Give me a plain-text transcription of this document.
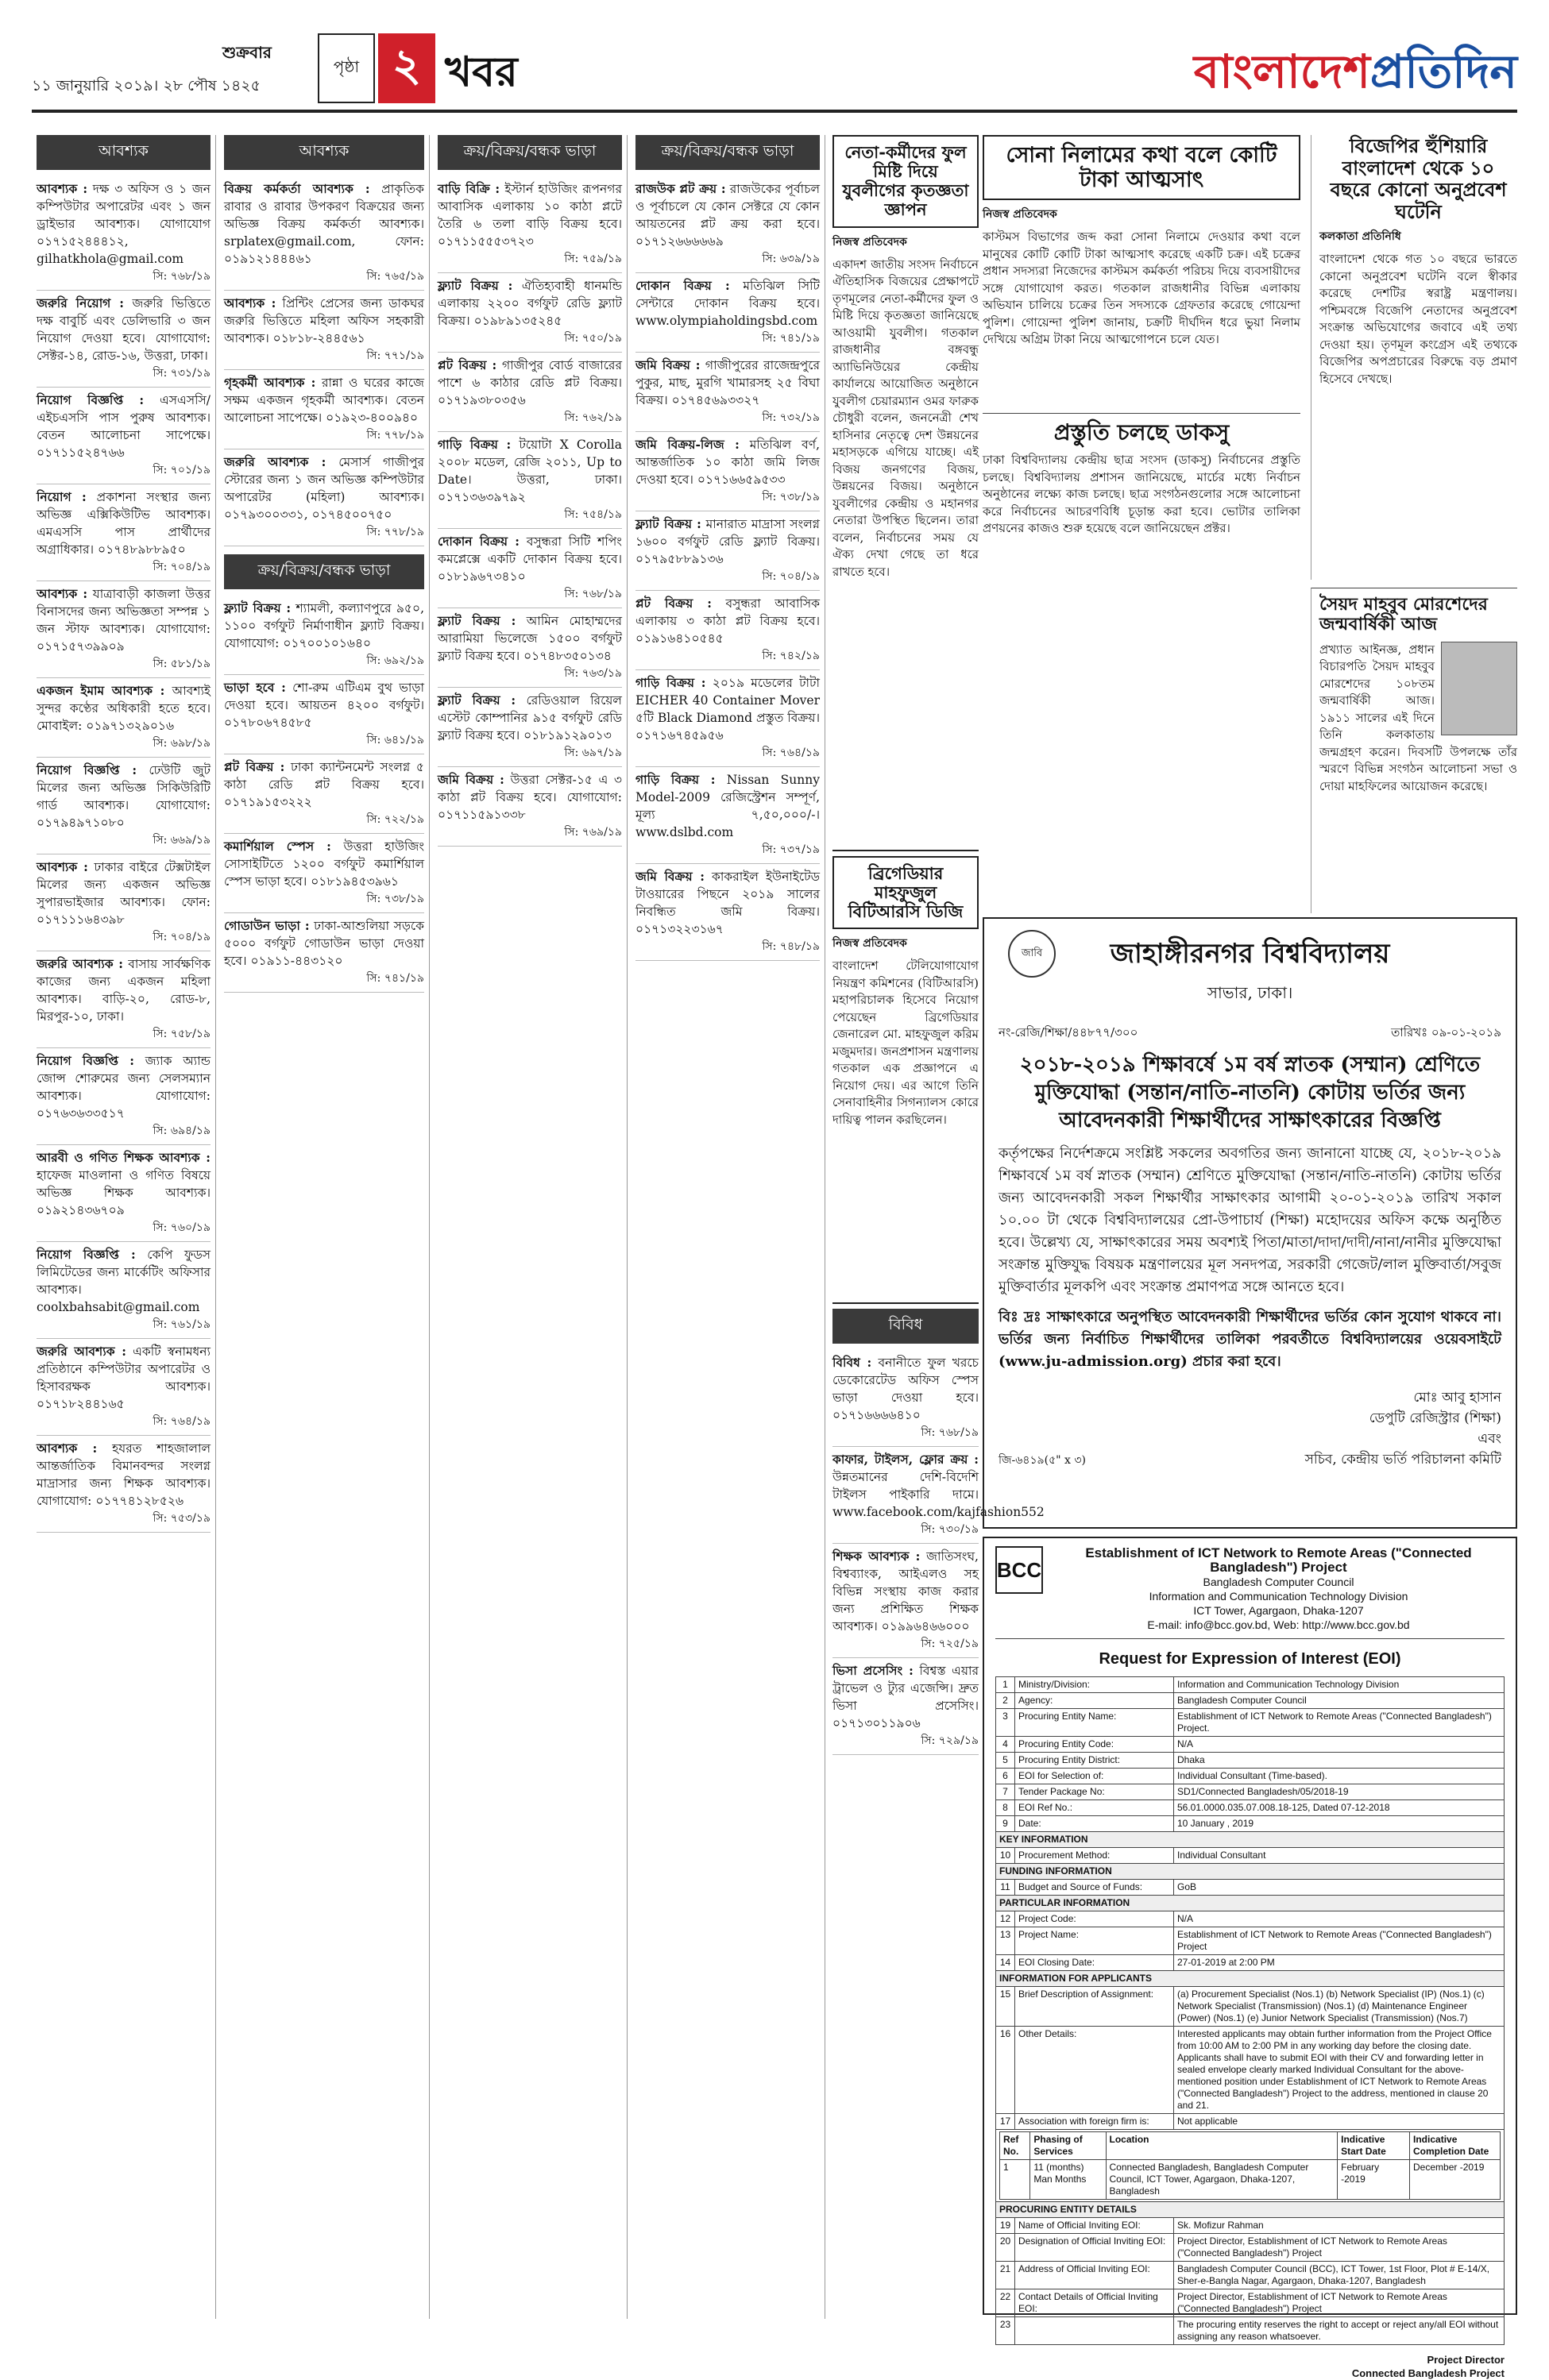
শুক্রবার
১১ জানুয়ারি ২০১৯। ২৮ পৌষ ১৪২৫
পৃষ্ঠা ২ খবর	বাংলাদেশপ্রতিদিন
আবশ্যক
আবশ্যক : দক্ষ ৩ অফিস ও ১ জন কম্পিউটার অপারেটর এবং ১ জন ড্রাইভার আবশ্যক। যোগাযোগ ০১৭১৫২৪৪৪১২, gilhatkhola@gmail.com
সি: ৭৬৮/১৯
জরুরি নিয়োগ : জরুরি ভিত্তিতে দক্ষ বাবুর্চি এবং ডেলিভারি ৩ জন নিয়োগ দেওয়া হবে। যোগাযোগ: সেক্টর-১৪, রোড-১৬, উত্তরা, ঢাকা।
সি: ৭৩১/১৯
নিয়োগ বিজ্ঞপ্তি : এসএসসি/এইচএসসি পাস পুরুষ আবশ্যক। বেতন আলোচনা সাপেক্ষে। ০১৭১১৫২৪৭৬৬
সি: ৭০১/১৯
নিয়োগ : প্রকাশনা সংস্থার জন্য অভিজ্ঞ এক্সিকিউটিভ আবশ্যক। এমএসসি পাস প্রার্থীদের অগ্রাধিকার। ০১৭৪৮৯৮৮৯৫০
সি: ৭০৪/১৯
আবশ্যক : যাত্রাবাড়ী কাজলা উত্তর বিনাসদের জন্য অভিজ্ঞতা সম্পন্ন ১ জন স্টাফ আবশ্যক। যোগাযোগ: ০১৭১৫৭৩৯৯০৯
সি: ৫৮১/১৯
একজন ইমাম আবশ্যক : আবশ্যই সুন্দর কণ্ঠের অধিকারী হতে হবে। মোবাইল: ০১৯৭১৩২৯০১৬
সি: ৬৯৮/১৯
নিয়োগ বিজ্ঞপ্তি : ঢেউটি জুট মিলের জন্য অভিজ্ঞ সিকিউরিটি গার্ড আবশ্যক। যোগাযোগ: ০১৭৯৪৯৭১০৮০
সি: ৬৬৯/১৯
আবশ্যক : ঢাকার বাইরে টেক্সটাইল মিলের জন্য একজন অভিজ্ঞ সুপারভাইজার আবশ্যক। ফোন: ০১৭১১১৬৪৩৯৮
সি: ৭০৪/১৯
জরুরি আবশ্যক : বাসায় সার্বক্ষণিক কাজের জন্য একজন মহিলা আবশ্যক। বাড়ি-২০, রোড-৮, মিরপুর-১০, ঢাকা।
সি: ৭৫৮/১৯
নিয়োগ বিজ্ঞপ্তি : জ্যাক অ্যান্ড জোন্স শোরুমের জন্য সেলসম্যান আবশ্যক। যোগাযোগ: ০১৭৬৩৬৩৩৫১৭
সি: ৬৯৪/১৯
আরবী ও গণিত শিক্ষক আবশ্যক : হাফেজ মাওলানা ও গণিত বিষয়ে অভিজ্ঞ শিক্ষক আবশ্যক। ০১৯২১৪৩৬৭০৯
সি: ৭৬০/১৯
নিয়োগ বিজ্ঞপ্তি : কেপি ফুডস লিমিটেডের জন্য মার্কেটিং অফিসার আবশ্যক। coolxbahsabit@gmail.com
সি: ৭৬১/১৯
জরুরি আবশ্যক : একটি স্বনামধন্য প্রতিষ্ঠানে কম্পিউটার অপারেটর ও হিসাবরক্ষক আবশ্যক। ০১৭১৮২৪৪১৬৫
সি: ৭৬৪/১৯
আবশ্যক : হযরত শাহজালাল আন্তর্জাতিক বিমানবন্দর সংলগ্ন মাদ্রাসার জন্য শিক্ষক আবশ্যক। যোগাযোগ: ০১৭৭৪১২৮৫২৬
সি: ৭৫৩/১৯
আবশ্যক
বিক্রয় কর্মকর্তা আবশ্যক : প্রাকৃতিক রাবার ও রাবার উপকরণ বিক্রয়ের জন্য অভিজ্ঞ বিক্রয় কর্মকর্তা আবশ্যক। srplatex@gmail.com, ফোন: ০১৯১২১৪৪৪৬১
সি: ৭৬৫/১৯
আবশ্যক : প্রিন্টিং প্রেসের জন্য ডাকঘর জরুরি ভিত্তিতে মহিলা অফিস সহকারী আবশ্যক। ০১৮১৮-২৪৪৫৬১
সি: ৭৭১/১৯
গৃহকর্মী আবশ্যক : রান্না ও ঘরের কাজে সক্ষম একজন গৃহকর্মী আবশ্যক। বেতন আলোচনা সাপেক্ষে। ০১৯২৩-৪০০৯৪০
সি: ৭৭৮/১৯
জরুরি আবশ্যক : মেসার্স গাজীপুর স্টোরের জন্য ১ জন অভিজ্ঞ কম্পিউটার অপারেটর (মহিলা) আবশ্যক। ০১৭৯৩০০৩৩১, ০১৭৪৫০০৭৫০
সি: ৭৭৮/১৯
ক্রয়/বিক্রয়/বন্ধক ভাড়া
ফ্ল্যাট বিক্রয় : শ্যামলী, কল্যাণপুরে ৯৫০, ১১০০ বর্গফুট নির্মাণাধীন ফ্ল্যাট বিক্রয়। যোগাযোগ: ০১৭০০১০১৬৪০
সি: ৬৯২/১৯
ভাড়া হবে : শো-রুম এটিএম বুথ ভাড়া দেওয়া হবে। আয়তন ৪২০০ বর্গফুট। ০১৭৮০৬৭৪৫৮৫
সি: ৬৪১/১৯
প্লট বিক্রয় : ঢাকা ক্যান্টনমেন্ট সংলগ্ন ৫ কাঠা রেডি প্লট বিক্রয় হবে। ০১৭১৯১৫৩২২২
সি: ৭২২/১৯
কমার্শিয়াল স্পেস : উত্তরা হাউজিং সোসাইটিতে ১২০০ বর্গফুট কমার্শিয়াল স্পেস ভাড়া হবে। ০১৮১৯৪৫৩৯৬১
সি: ৭৩৮/১৯
গোডাউন ভাড়া : ঢাকা-আশুলিয়া সড়কে ৫০০০ বর্গফুট গোডাউন ভাড়া দেওয়া হবে। ০১৯১১-৪৪৩১২০
সি: ৭৪১/১৯
ক্রয়/বিক্রয়/বন্ধক ভাড়া
বাড়ি বিক্রি : ইস্টার্ন হাউজিং রূপনগর আবাসিক এলাকায় ১০ কাঠা প্লটে তৈরি ৬ তলা বাড়ি বিক্রয় হবে। ০১৭১১৫৫৫৩৭২৩
সি: ৭৫৯/১৯
ফ্ল্যাট বিক্রয় : ঐতিহ্যবাহী ধানমন্ডি এলাকায় ২২০০ বর্গফুট রেডি ফ্ল্যাট বিক্রয়। ০১৯৮৯১৩৫২৪৫
সি: ৭৫০/১৯
প্লট বিক্রয় : গাজীপুর বোর্ড বাজারের পাশে ৬ কাঠার রেডি প্লট বিক্রয়। ০১৭১৯৩৮০৩৫৬
সি: ৭৬২/১৯
গাড়ি বিক্রয় : টয়োটা X Corolla ২০০৮ মডেল, রেজি ২০১১, Up to Date। উত্তরা, ঢাকা। ০১৭১৩৬৩৯৭৯২
সি: ৭৫৪/১৯
দোকান বিক্রয় : বসুন্ধরা সিটি শপিং কমপ্লেক্সে একটি দোকান বিক্রয় হবে। ০১৮১৯৬৭৩৪১০
সি: ৭৬৮/১৯
ফ্ল্যাট বিক্রয় : আমিন মোহাম্মদের আরামিয়া ভিলেজে ১৫০০ বর্গফুট ফ্ল্যাট বিক্রয় হবে। ০১৭৪৮৩৫০১৩৪
সি: ৭৬৩/১৯
ফ্ল্যাট বিক্রয় : রেডিওয়াল রিয়েল এস্টেট কোম্পানির ৯১৫ বর্গফুট রেডি ফ্ল্যাট বিক্রয় হবে। ০১৮১৯১২৯০১৩
সি: ৬৯৭/১৯
জমি বিক্রয় : উত্তরা সেক্টর-১৫ এ ৩ কাঠা প্লট বিক্রয় হবে। যোগাযোগ: ০১৭১১৫৯১৩৩৮
সি: ৭৬৯/১৯
ক্রয়/বিক্রয়/বন্ধক ভাড়া
রাজউক প্লট ক্রয় : রাজউকের পূর্বাচল ও পূর্বাচলে যে কোন সেক্টরে যে কোন আয়তনের প্লট ক্রয় করা হবে। ০১৭১২৬৬৬৬৬৯
সি: ৬৩৯/১৯
দোকান বিক্রয় : মতিঝিল সিটি সেন্টারে দোকান বিক্রয় হবে। www.olympiaholdingsbd.com
সি: ৭৪১/১৯
জমি বিক্রয় : গাজীপুরের রাজেন্দ্রপুরে পুকুর, মাছ, মুরগি খামারসহ ২৫ বিঘা বিক্রয়। ০১৭৪৫৬৯৩৩২৭
সি: ৭৩২/১৯
জমি বিক্রয়-লিজ : মতিঝিল বর্ণ, আন্তর্জাতিক ১০ কাঠা জমি লিজ দেওয়া হবে। ০১৭১৬৬৫৯৫৩৩
সি: ৭৩৮/১৯
ফ্ল্যাট বিক্রয় : মানারাত মাদ্রাসা সংলগ্ন ১৬০০ বর্গফুট রেডি ফ্ল্যাট বিক্রয়। ০১৭৯৫৮৮৯১৩৬
সি: ৭০৪/১৯
প্লট বিক্রয় : বসুন্ধরা আবাসিক এলাকায় ৩ কাঠা প্লট বিক্রয় হবে। ০১৯১৬৪১০৫৪৫
সি: ৭৪২/১৯
গাড়ি বিক্রয় : ২০১৯ মডেলের টাটা EICHER 40 Container Mover ৫টি Black Diamond প্রস্তুত বিক্রয়। ০১৭১৬৭৪৫৯৫৬
সি: ৭৬৪/১৯
গাড়ি বিক্রয় : Nissan Sunny Model-2009 রেজিস্ট্রেশন সম্পূর্ণ, মূল্য ৭,৫০,০০০/-। www.dslbd.com
সি: ৭৩৭/১৯
জমি বিক্রয় : কাকরাইল ইউনাইটেড টাওয়ারের পিছনে ২০১৯ সালের নিবন্ধিত জমি বিক্রয়। ০১৭১৩২২৩১৬৭
সি: ৭৪৮/১৯
নেতা-কর্মীদের ফুল মিষ্টি দিয়ে যুবলীগের কৃতজ্ঞতা জ্ঞাপন
নিজস্ব প্রতিবেদক
একাদশ জাতীয় সংসদ নির্বাচনে ঐতিহাসিক বিজয়ের প্রেক্ষাপটে তৃণমূলের নেতা-কর্মীদের ফুল ও মিষ্টি দিয়ে কৃতজ্ঞতা জানিয়েছে আওয়ামী যুবলীগ। গতকাল রাজধানীর বঙ্গবন্ধু অ্যাভিনিউয়ের কেন্দ্রীয় কার্যালয়ে আয়োজিত অনুষ্ঠানে যুবলীগ চেয়ারম্যান ওমর ফারুক চৌধুরী বলেন, জননেত্রী শেখ হাসিনার নেতৃত্বে দেশ উন্নয়নের মহাসড়কে এগিয়ে যাচ্ছে। এই বিজয় জনগণের বিজয়, উন্নয়নের বিজয়। অনুষ্ঠানে যুবলীগের কেন্দ্রীয় ও মহানগর নেতারা উপস্থিত ছিলেন। তারা বলেন, নির্বাচনের সময় যে ঐক্য দেখা গেছে তা ধরে রাখতে হবে।
ব্রিগেডিয়ার মাহফুজুল বিটিআরসি ডিজি
নিজস্ব প্রতিবেদক
বাংলাদেশ টেলিযোগাযোগ নিয়ন্ত্রণ কমিশনের (বিটিআরসি) মহাপরিচালক হিসেবে নিয়োগ পেয়েছেন ব্রিগেডিয়ার জেনারেল মো. মাহফুজুল করিম মজুমদার। জনপ্রশাসন মন্ত্রণালয় গতকাল এক প্রজ্ঞাপনে এ নিয়োগ দেয়। এর আগে তিনি সেনাবাহিনীর সিগন্যালস কোরে দায়িত্ব পালন করছিলেন।
বিবিধ
বিবিধ : বনানীতে ফুল খরচে ডেকোরেটেড অফিস স্পেস ভাড়া দেওয়া হবে। ০১৭১৬৬৬৬৪১০
সি: ৭৬৮/১৯
কাফার, টাইলস, ফ্লোর ক্রয় : উন্নতমানের দেশি-বিদেশি টাইলস পাইকারি দামে। www.facebook.com/kajfashion552
সি: ৭৩০/১৯
শিক্ষক আবশ্যক : জাতিসংঘ, বিশ্বব্যাংক, আইএলও সহ বিভিন্ন সংস্থায় কাজ করার জন্য প্রশিক্ষিত শিক্ষক আবশ্যক। ০১৯৯৬৪৬৬০০০
সি: ৭২৫/১৯
ভিসা প্রসেসিং : বিশ্বস্ত এয়ার ট্রাভেল ও ট্যুর এজেন্সি। দ্রুত ভিসা প্রসেসিং। ০১৭১৩০১১৯০৬
সি: ৭২৯/১৯
সোনা নিলামের কথা বলে কোটি টাকা আত্মসাৎ
নিজস্ব প্রতিবেদক
কাস্টমস বিভাগের জব্দ করা সোনা নিলামে দেওয়ার কথা বলে মানুষের কোটি কোটি টাকা আত্মসাৎ করেছে একটি চক্র। এই চক্রের প্রধান সদস্যরা নিজেদের কাস্টমস কর্মকর্তা পরিচয় দিয়ে ব্যবসায়ীদের সঙ্গে যোগাযোগ করত। গতকাল রাজধানীর বিভিন্ন এলাকায় অভিযান চালিয়ে চক্রের তিন সদস্যকে গ্রেফতার করেছে গোয়েন্দা পুলিশ। গোয়েন্দা পুলিশ জানায়, চক্রটি দীর্ঘদিন ধরে ভুয়া নিলাম দেখিয়ে অগ্রিম টাকা নিয়ে আত্মগোপনে চলে যেত।
প্রস্তুতি চলছে ডাকসু
ঢাকা বিশ্ববিদ্যালয় কেন্দ্রীয় ছাত্র সংসদ (ডাকসু) নির্বাচনের প্রস্তুতি চলছে। বিশ্ববিদ্যালয় প্রশাসন জানিয়েছে, মার্চের মধ্যে নির্বাচন অনুষ্ঠানের লক্ষ্যে কাজ চলছে। ছাত্র সংগঠনগুলোর সঙ্গে আলোচনা করে নির্বাচনের আচরণবিধি চূড়ান্ত করা হবে। ভোটার তালিকা প্রণয়নের কাজও শুরু হয়েছে বলে জানিয়েছেন প্রক্টর।
বিজেপির হুঁশিয়ারি বাংলাদেশ থেকে ১০ বছরে কোনো অনুপ্রবেশ ঘটেনি
কলকাতা প্রতিনিধি
বাংলাদেশ থেকে গত ১০ বছরে ভারতে কোনো অনুপ্রবেশ ঘটেনি বলে স্বীকার করেছে দেশটির স্বরাষ্ট্র মন্ত্রণালয়। পশ্চিমবঙ্গে বিজেপি নেতাদের অনুপ্রবেশ সংক্রান্ত অভিযোগের জবাবে এই তথ্য দেওয়া হয়। তৃণমূল কংগ্রেস এই তথ্যকে বিজেপির অপপ্রচারের বিরুদ্ধে বড় প্রমাণ হিসেবে দেখছে।
সৈয়দ মাহবুব মোরশেদের জন্মবার্ষিকী আজ
প্রখ্যাত আইনজ্ঞ, প্রধান বিচারপতি সৈয়দ মাহবুব মোরশেদের ১০৮তম জন্মবার্ষিকী আজ। ১৯১১ সালের এই দিনে তিনি কলকাতায় জন্মগ্রহণ করেন। দিবসটি উপলক্ষে তাঁর স্মরণে বিভিন্ন সংগঠন আলোচনা সভা ও দোয়া মাহফিলের আয়োজন করেছে।
জাবি	জাহাঙ্গীরনগর বিশ্ববিদ্যালয়
সাভার, ঢাকা।
নং-রেজি/শিক্ষা/৪৪৮৭৭/৩০০	তারিখঃ ০৯-০১-২০১৯
২০১৮-২০১৯ শিক্ষাবর্ষে ১ম বর্ষ স্নাতক (সম্মান) শ্রেণিতে মুক্তিযোদ্ধা (সন্তান/নাতি-নাতনি) কোটায় ভর্তির জন্য আবেদনকারী শিক্ষার্থীদের সাক্ষাৎকারের বিজ্ঞপ্তি
কর্তৃপক্ষের নির্দেশক্রমে সংশ্লিষ্ট সকলের অবগতির জন্য জানানো যাচ্ছে যে, ২০১৮-২০১৯ শিক্ষাবর্ষে ১ম বর্ষ স্নাতক (সম্মান) শ্রেণিতে মুক্তিযোদ্ধা (সন্তান/নাতি-নাতনি) কোটায় ভর্তির জন্য আবেদনকারী সকল শিক্ষার্থীর সাক্ষাৎকার আগামী ২০-০১-২০১৯ তারিখ সকাল ১০.০০ টা থেকে বিশ্ববিদ্যালয়ের প্রো-উপাচার্য (শিক্ষা) মহোদয়ের অফিস কক্ষে অনুষ্ঠিত হবে। উল্লেখ্য যে, সাক্ষাৎকারের সময় অবশ্যই পিতা/মাতা/দাদা/দাদী/নানা/নানীর মুক্তিযোদ্ধা সংক্রান্ত মুক্তিযুদ্ধ বিষয়ক মন্ত্রণালয়ের মূল সনদপত্র, সরকারী গেজেট/লাল মুক্তিবার্তা/সবুজ মুক্তিবার্তার মূলকপি এবং সংক্রান্ত প্রমাণপত্র সঙ্গে আনতে হবে।
বিঃ দ্রঃ সাক্ষাৎকারে অনুপস্থিত আবেদনকারী শিক্ষার্থীদের ভর্তির কোন সুযোগ থাকবে না। ভর্তির জন্য নির্বাচিত শিক্ষার্থীদের তালিকা পরবর্তীতে বিশ্ববিদ্যালয়ের ওয়েবসাইটে (www.ju-admission.org) প্রচার করা হবে।
জি-৬৪১৯(৫" x ৩)
মোঃ আবু হাসান
ডেপুটি রেজিস্ট্রার (শিক্ষা)
এবং
সচিব, কেন্দ্রীয় ভর্তি পরিচালনা কমিটি
BCC
Establishment of ICT Network to Remote Areas ("Connected Bangladesh") Project
Bangladesh Computer Council
Information and Communication Technology Division
ICT Tower, Agargaon, Dhaka-1207
E-mail: info@bcc.gov.bd, Web: http://www.bcc.gov.bd
Request for Expression of Interest (EOI)
1	Ministry/Division:	Information and Communication Technology Division
2	Agency:	Bangladesh Computer Council
3	Procuring Entity Name:	Establishment of ICT Network to Remote Areas ("Connected Bangladesh") Project.
4	Procuring Entity Code:	N/A
5	Procuring Entity District:	Dhaka
6	EOI for Selection of:	Individual Consultant (Time-based).
7	Tender Package No:	SD1/Connected Bangladesh/05/2018-19
8	EOI Ref No.:	56.01.0000.035.07.008.18-125, Dated 07-12-2018
9	Date:	10 January , 2019
KEY INFORMATION
10	Procurement Method:	Individual Consultant
FUNDING INFORMATION
11	Budget and Source of Funds:	GoB
PARTICULAR INFORMATION
12	Project Code:	N/A
13	Project Name:	Establishment of ICT Network to Remote Areas ("Connected Bangladesh") Project
14	EOI Closing Date:	27-01-2019 at 2:00 PM
INFORMATION FOR APPLICANTS
15	Brief Description of Assignment:	(a) Procurement Specialist (Nos.1) (b) Network Specialist (IP) (Nos.1) (c) Network Specialist (Transmission) (Nos.1) (d) Maintenance Engineer (Power) (Nos.1) (e) Junior Network Specialist (Transmission) (Nos.7)
16	Other Details:	Interested applicants may obtain further information from the Project Office from 10:00 AM to 2:00 PM in any working day before the closing date. Applicants shall have to submit EOI with their CV and forwarding letter in sealed envelope clearly marked Individual Consultant for the above-mentioned position under Establishment of ICT Network to Remote Areas ("Connected Bangladesh") Project to the address, mentioned in clause 20 and 21.
17	Association with foreign firm is:	Not applicable

Ref No.	Phasing of Services	Location	Indicative Start Date	Indicative Completion Date
1	11 (months) Man Months	Connected Bangladesh, Bangladesh Computer Council, ICT Tower, Agargaon, Dhaka-1207, Bangladesh	February -2019	December -2019

PROCURING ENTITY DETAILS
19	Name of Official Inviting EOI:	Sk. Mofizur Rahman
20	Designation of Official Inviting EOI:	Project Director, Establishment of ICT Network to Remote Areas ("Connected Bangladesh") Project
21	Address of Official Inviting EOI:	Bangladesh Computer Council (BCC), ICT Tower, 1st Floor, Plot # E-14/X, Sher-e-Bangla Nagar, Agargaon, Dhaka-1207, Bangladesh
22	Contact Details of Official Inviting EOI:	Project Director, Establishment of ICT Network to Remote Areas ("Connected Bangladesh") Project
23		The procuring entity reserves the right to accept or reject any/all EOI without assigning any reason whatsoever.
Project Director
Connected Bangladesh Project
